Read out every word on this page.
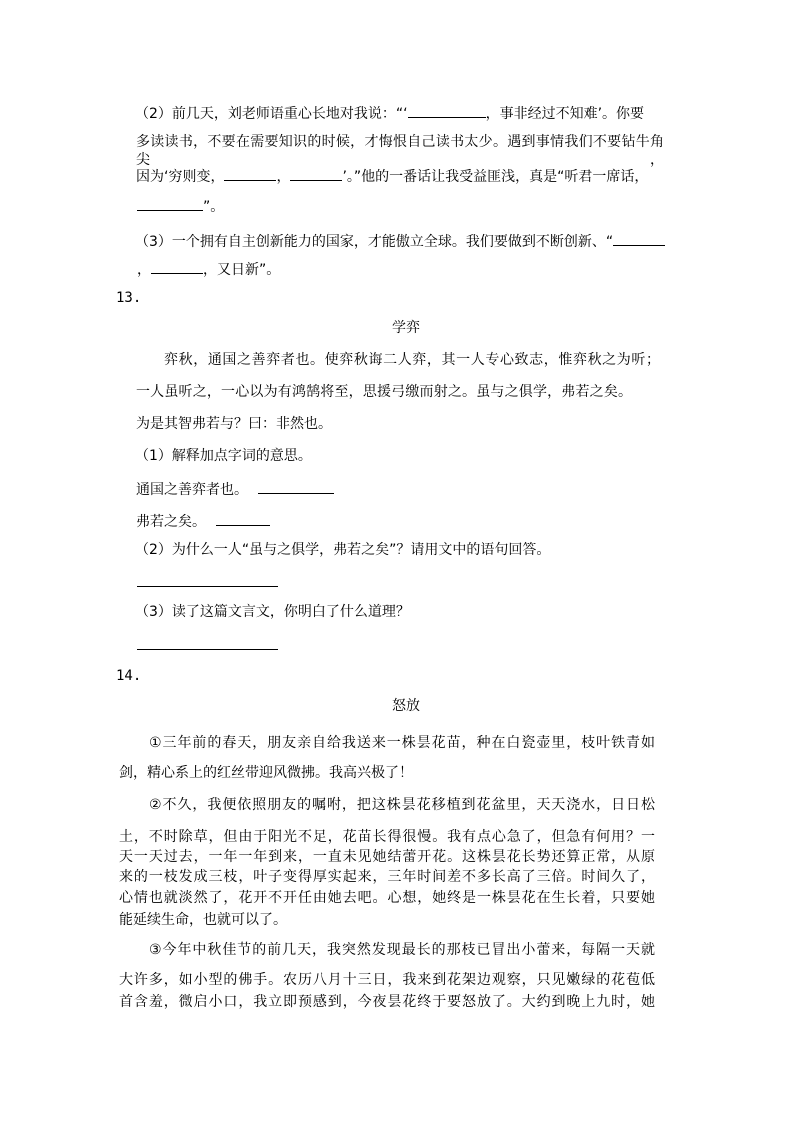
（2）前几天，刘老师语重心长地对我说：“‘	，事非经过不知难’。你要
多读读书，不要在需要知识的时候，才悔恨自己读书太少。遇到事情我们不要钻牛角尖，
因为‘穷则变，	，	’。”他的一番话让我受益匪浅，真是“听君一席话，
”。
（3）一个拥有自主创新能力的国家，才能傲立全球。我们要做到不断创新、“
，	，又日新”。
13.
学弈
弈秋，通国之善弈者也。使弈秋诲二人弈，其一人专心致志，惟弈秋之为听；
一人虽听之，一心以为有鸿鹄将至，思援弓缴而射之。虽与之俱学，弗若之矣。
为是其智弗若与？曰：非然也。
（1）解释加点字词的意思。
通国之善弈者也。
弗若之矣。
（2）为什么一人“虽与之俱学，弗若之矣”？请用文中的语句回答。
（3）读了这篇文言文，你明白了什么道理？
14.
怒放
①三年前的春天，朋友亲自给我送来一株昙花苗，种在白瓷壶里，枝叶铁青如
剑，精心系上的红丝带迎风微拂。我高兴极了！
②不久，我便依照朋友的嘱咐，把这株昙花移植到花盆里，天天浇水，日日松
土，不时除草，但由于阳光不足，花苗长得很慢。我有点心急了，但急有何用？一
天一天过去，一年一年到来，一直未见她结蕾开花。这株昙花长势还算正常，从原
来的一枝发成三枝，叶子变得厚实起来，三年时间差不多长高了三倍。时间久了，
心情也就淡然了，花开不开任由她去吧。心想，她终是一株昙花在生长着，只要她
能延续生命，也就可以了。
③今年中秋佳节的前几天，我突然发现最长的那枝已冒出小蕾来，每隔一天就
大许多，如小型的佛手。农历八月十三日，我来到花架边观察，只见嫩绿的花苞低
首含羞，微启小口，我立即预感到，今夜昙花终于要怒放了。大约到晚上九时，她
